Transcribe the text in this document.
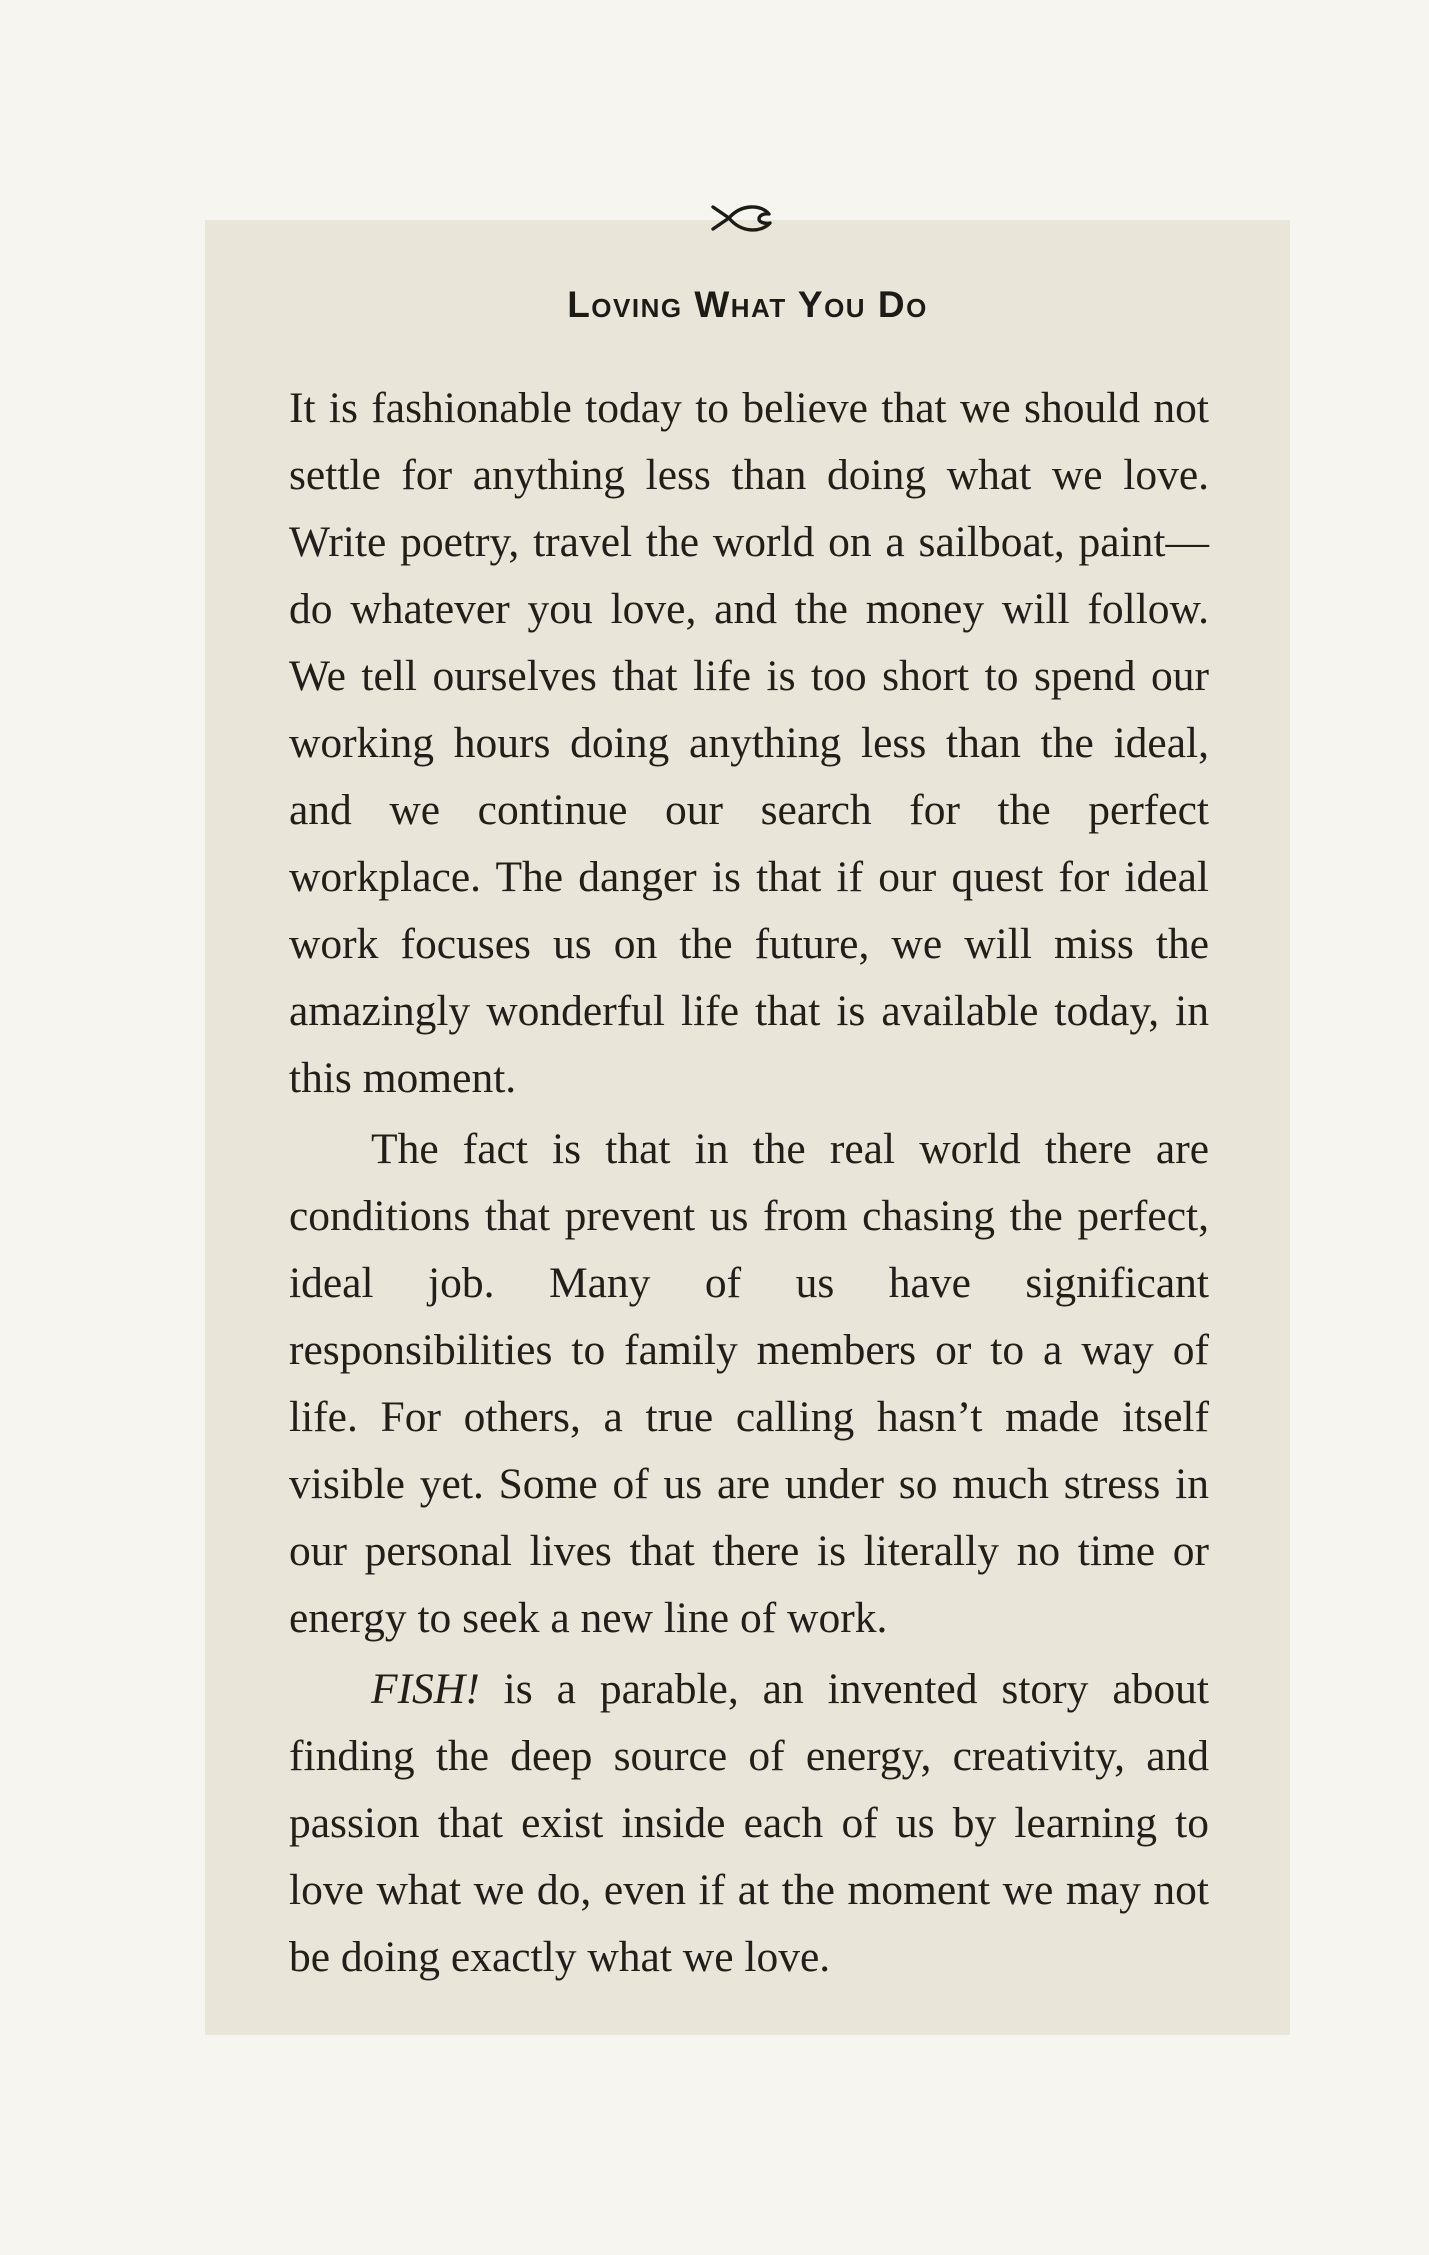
Loving What You Do

It is fashionable today to believe that we should not settle for anything less than doing what we love. Write poetry, travel the world on a sailboat, paint—do whatever you love, and the money will follow. We tell ourselves that life is too short to spend our working hours doing anything less than the ideal, and we continue our search for the perfect workplace. The danger is that if our quest for ideal work focuses us on the future, we will miss the amazingly wonderful life that is available today, in this moment.

The fact is that in the real world there are conditions that prevent us from chasing the perfect, ideal job. Many of us have significant responsibilities to family members or to a way of life. For others, a true calling hasn’t made itself visible yet. Some of us are under so much stress in our personal lives that there is literally no time or energy to seek a new line of work.

FISH! is a parable, an invented story about finding the deep source of energy, creativity, and passion that exist inside each of us by learning to love what we do, even if at the moment we may not be doing exactly what we love.
